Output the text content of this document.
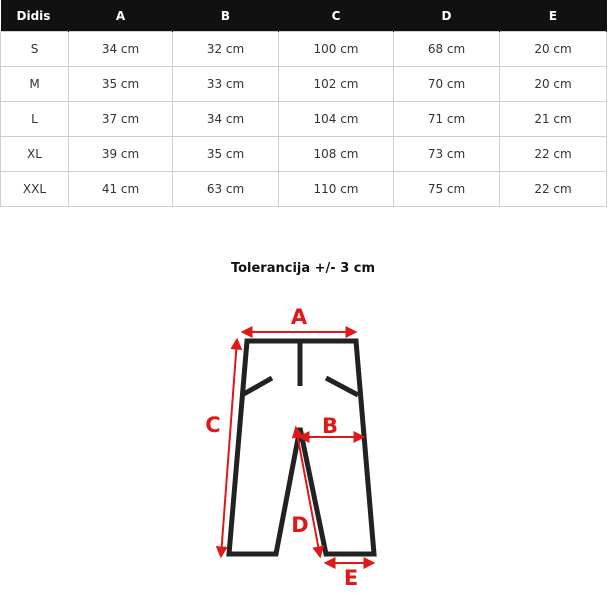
Didis	A	B	C	D	E
S	34 cm	32 cm	100 cm	68 cm	20 cm
M	35 cm	33 cm	102 cm	70 cm	20 cm
L	37 cm	34 cm	104 cm	71 cm	21 cm
XL	39 cm	35 cm	108 cm	73 cm	22 cm
XXL	41 cm	63 cm	110 cm	75 cm	22 cm
Tolerancija +/- 3 cm
A
B
C
D
E
